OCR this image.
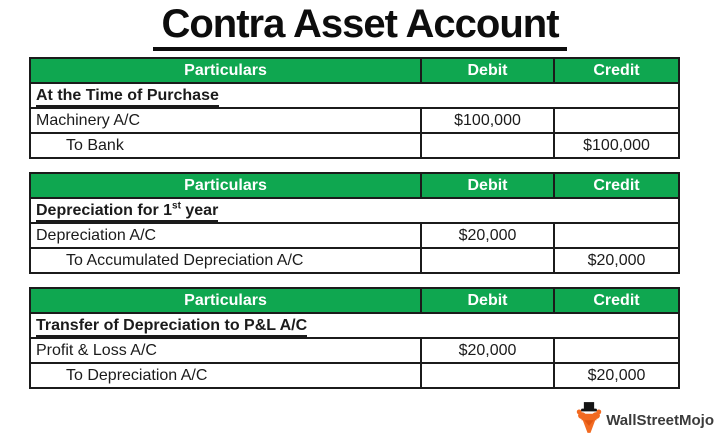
Contra Asset Account
Particulars	Debit	Credit
At the Time of Purchase		
Machinery A/C	$100,000	
To Bank		$100,000
Particulars	Debit	Credit
Depreciation for 1st year		
Depreciation A/C	$20,000	
To Accumulated Depreciation A/C		$20,000
Particulars	Debit	Credit
Transfer of Depreciation to P&L A/C		
Profit & Loss A/C	$20,000	
To Depreciation A/C		$20,000
WallStreetMojo
